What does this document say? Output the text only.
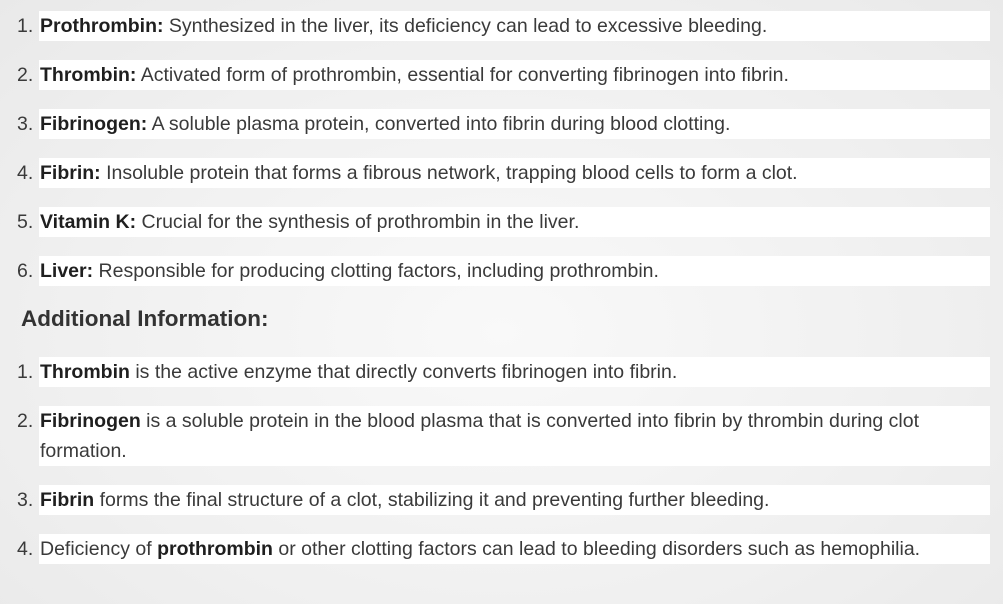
1. Prothrombin: Synthesized in the liver, its deficiency can lead to excessive bleeding.
2. Thrombin: Activated form of prothrombin, essential for converting fibrinogen into fibrin.
3. Fibrinogen: A soluble plasma protein, converted into fibrin during blood clotting.
4. Fibrin: Insoluble protein that forms a fibrous network, trapping blood cells to form a clot.
5. Vitamin K: Crucial for the synthesis of prothrombin in the liver.
6. Liver: Responsible for producing clotting factors, including prothrombin.
Additional Information:
1. Thrombin is the active enzyme that directly converts fibrinogen into fibrin.
2. Fibrinogen is a soluble protein in the blood plasma that is converted into fibrin by thrombin during clot formation.
3. Fibrin forms the final structure of a clot, stabilizing it and preventing further bleeding.
4. Deficiency of prothrombin or other clotting factors can lead to bleeding disorders such as hemophilia.
